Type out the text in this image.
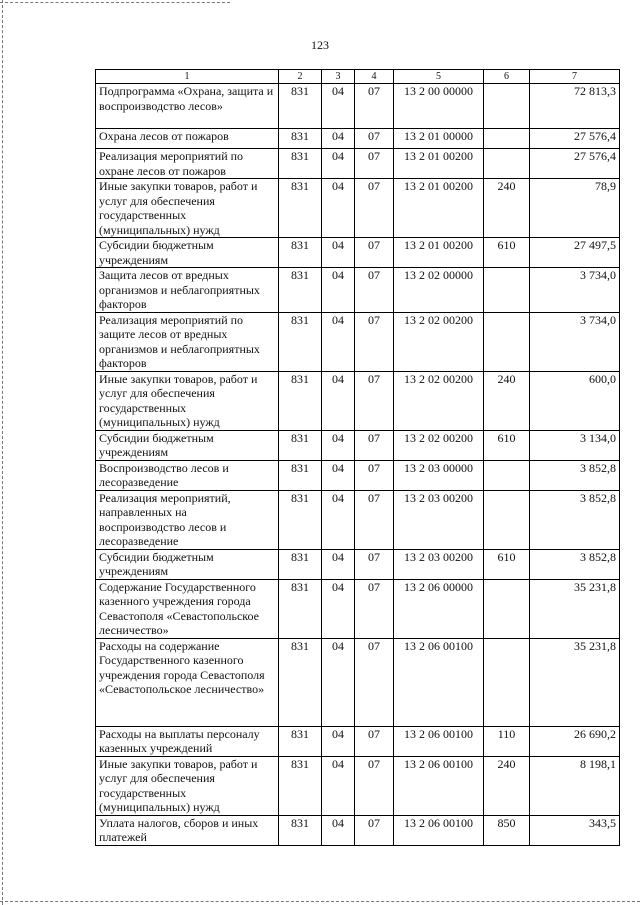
123
1	2	3	4	5	6	7
Подпрограмма «Охрана, защита и воспроизводство лесов»	831	04	07	13 2 00 00000		72 813,3
Охрана лесов от пожаров	831	04	07	13 2 01 00000		27 576,4
Реализация мероприятий по охране лесов от пожаров	831	04	07	13 2 01 00200		27 576,4
Иные закупки товаров, работ и услуг для обеспечения государственных (муниципальных) нужд	831	04	07	13 2 01 00200	240	78,9
Субсидии бюджетным учреждениям	831	04	07	13 2 01 00200	610	27 497,5
Защита лесов от вредных организмов и неблагоприятных факторов	831	04	07	13 2 02 00000		3 734,0
Реализация мероприятий по защите лесов от вредных организмов и неблагоприятных факторов	831	04	07	13 2 02 00200		3 734,0
Иные закупки товаров, работ и услуг для обеспечения государственных (муниципальных) нужд	831	04	07	13 2 02 00200	240	600,0
Субсидии бюджетным учреждениям	831	04	07	13 2 02 00200	610	3 134,0
Воспроизводство лесов и лесоразведение	831	04	07	13 2 03 00000		3 852,8
Реализация мероприятий, направленных на воспроизводство лесов и лесоразведение	831	04	07	13 2 03 00200		3 852,8
Субсидии бюджетным учреждениям	831	04	07	13 2 03 00200	610	3 852,8
Содержание Государственного казенного учреждения города Севастополя «Севастопольское лесничество»	831	04	07	13 2 06 00000		35 231,8
Расходы на содержание Государственного казенного учреждения города Севастополя «Севастопольское лесничество»	831	04	07	13 2 06 00100		35 231,8
Расходы на выплаты персоналу казенных учреждений	831	04	07	13 2 06 00100	110	26 690,2
Иные закупки товаров, работ и услуг для обеспечения государственных (муниципальных) нужд	831	04	07	13 2 06 00100	240	8 198,1
Уплата налогов, сборов и иных платежей	831	04	07	13 2 06 00100	850	343,5
